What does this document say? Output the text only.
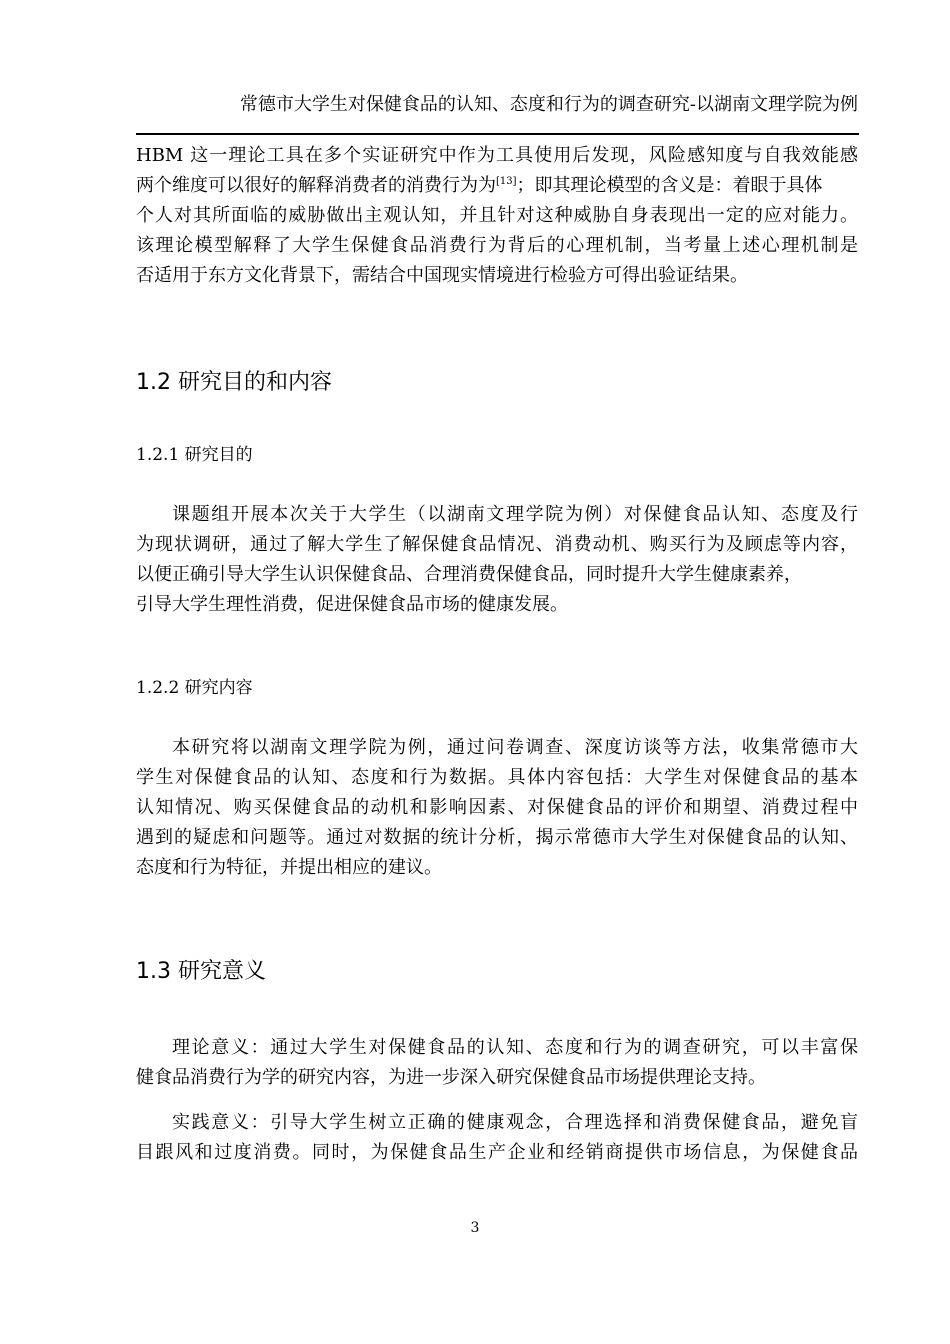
常德市大学生对保健食品的认知、态度和行为的调查研究-以湖南文理学院为例
HBM 这一理论工具在多个实证研究中作为工具使用后发现，风险感知度与自我效能感
两个维度可以很好的解释消费者的消费行为为[13]；即其理论模型的含义是：着眼于具体
个人对其所面临的威胁做出主观认知，并且针对这种威胁自身表现出一定的应对能力。
该理论模型解释了大学生保健食品消费行为背后的心理机制，当考量上述心理机制是
否适用于东方文化背景下，需结合中国现实情境进行检验方可得出验证结果。
1.2 研究目的和内容
1.2.1 研究目的
课题组开展本次关于大学生（以湖南文理学院为例）对保健食品认知、态度及行
为现状调研，通过了解大学生了解保健食品情况、消费动机、购买行为及顾虑等内容，
以便正确引导大学生认识保健食品、合理消费保健食品，同时提升大学生健康素养，
引导大学生理性消费，促进保健食品市场的健康发展。
1.2.2 研究内容
本研究将以湖南文理学院为例，通过问卷调查、深度访谈等方法，收集常德市大
学生对保健食品的认知、态度和行为数据。具体内容包括：大学生对保健食品的基本
认知情况、购买保健食品的动机和影响因素、对保健食品的评价和期望、消费过程中
遇到的疑虑和问题等。通过对数据的统计分析，揭示常德市大学生对保健食品的认知、
态度和行为特征，并提出相应的建议。
1.3 研究意义
理论意义：通过大学生对保健食品的认知、态度和行为的调查研究，可以丰富保
健食品消费行为学的研究内容，为进一步深入研究保健食品市场提供理论支持。
实践意义：引导大学生树立正确的健康观念，合理选择和消费保健食品，避免盲
目跟风和过度消费。同时，为保健食品生产企业和经销商提供市场信息，为保健食品
3
